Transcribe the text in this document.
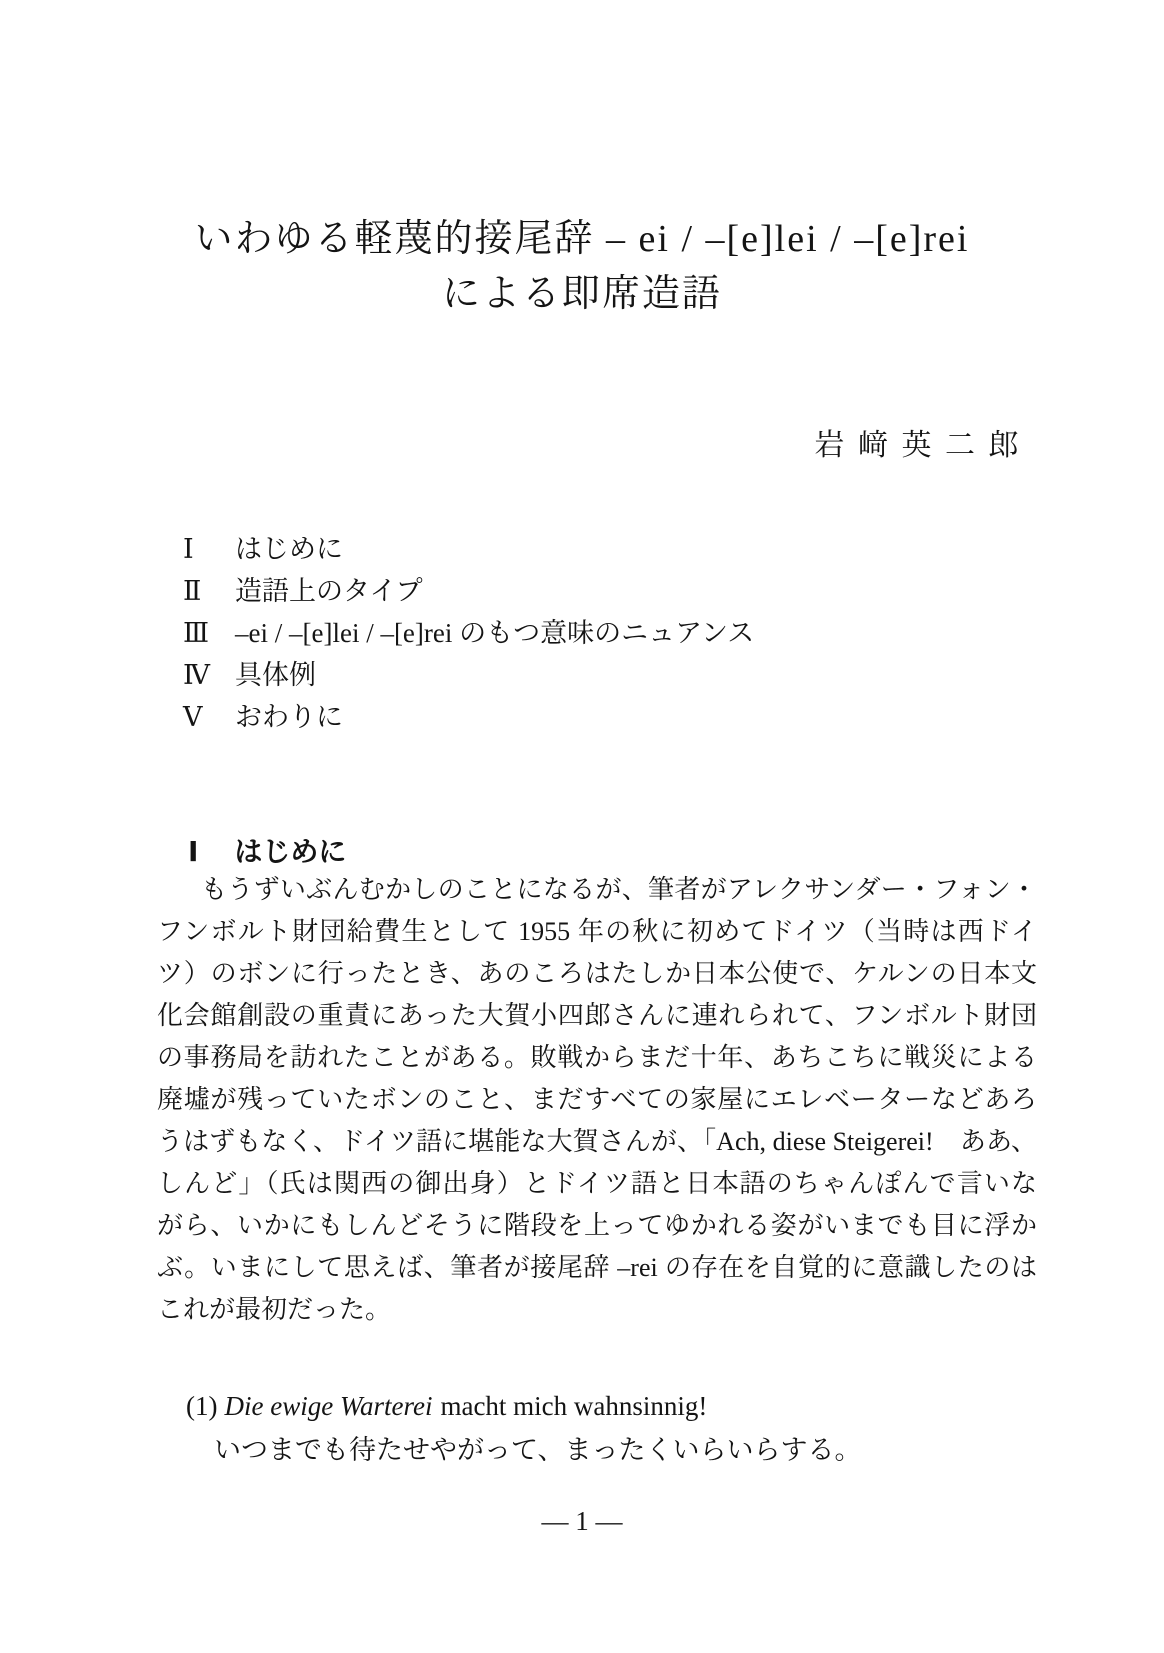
いわゆる軽蔑的接尾辞 – ei / –[e]lei / –[e]rei
による即席造語
岩﨑英二郎
Ⅰ	はじめに
Ⅱ	造語上のタイプ
Ⅲ –ei / –[e]lei / –[e]rei のもつ意味のニュアンス
Ⅳ 具体例
Ⅴ	おわりに
Ⅰ はじめに
もうずいぶんむかしのことになるが、筆者がアレクサンダー・フォン・
フンボルト財団給費生として 1955 年の秋に初めてドイツ（当時は西ドイ
ツ）のボンに行ったとき、あのころはたしか日本公使で、ケルンの日本文
化会館創設の重責にあった大賀小四郎さんに連れられて、フンボルト財団
の事務局を訪れたことがある。敗戦からまだ十年、あちこちに戦災による
廃墟が残っていたボンのこと、まだすべての家屋にエレベーターなどあろ
うはずもなく、ドイツ語に堪能な大賀さんが、「Ach, diese Steigerei!　ああ、
しんど」（氏は関西の御出身）とドイツ語と日本語のちゃんぽんで言いな
がら、いかにもしんどそうに階段を上ってゆかれる姿がいまでも目に浮か
ぶ。いまにして思えば、筆者が接尾辞 –rei の存在を自覚的に意識したのは
これが最初だった。
(1) Die ewige Warterei macht mich wahnsinnig!
いつまでも待たせやがって、まったくいらいらする。
— 1 —
